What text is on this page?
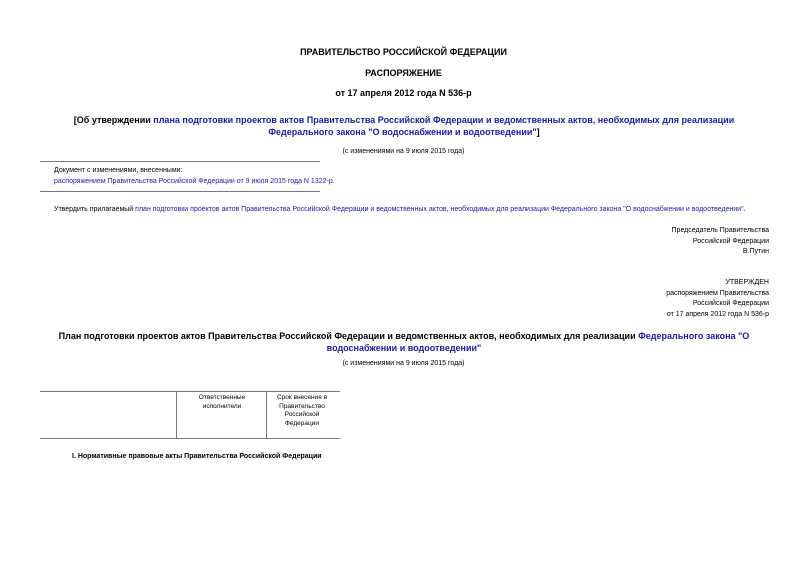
ПРАВИТЕЛЬСТВО РОССИЙСКОЙ ФЕДЕРАЦИИ
РАСПОРЯЖЕНИЕ
от 17 апреля 2012 года N 536-р
[Об утверждении плана подготовки проектов актов Правительства Российской Федерации и ведомственных актов, необходимых для реализации Федерального закона "О водоснабжении и водоотведении"]
(с изменениями на 9 июля 2015 года)
Документ с изменениями, внесенными:
распоряжением Правительства Российской Федерации от 9 июля 2015 года N 1322-р.
Утвердить прилагаемый план подготовки проектов актов Правительства Российской Федерации и ведомственных актов, необходимых для реализации Федерального закона "О водоснабжении и водоотведении".
Председатель Правительства
Российской Федерации
В.Путин
УТВЕРЖДЕН
распоряжением Правительства
Российской Федерации
от 17 апреля 2012 года N 536-р
План подготовки проектов актов Правительства Российской Федерации и ведомственных актов, необходимых для реализации Федерального закона "О водоснабжении и водоотведении"
(с изменениями на 9 июля 2015 года)
Ответственные исполнители
Срок внесения в Правительство Российской Федерации
I. Нормативные правовые акты Правительства Российской Федерации
